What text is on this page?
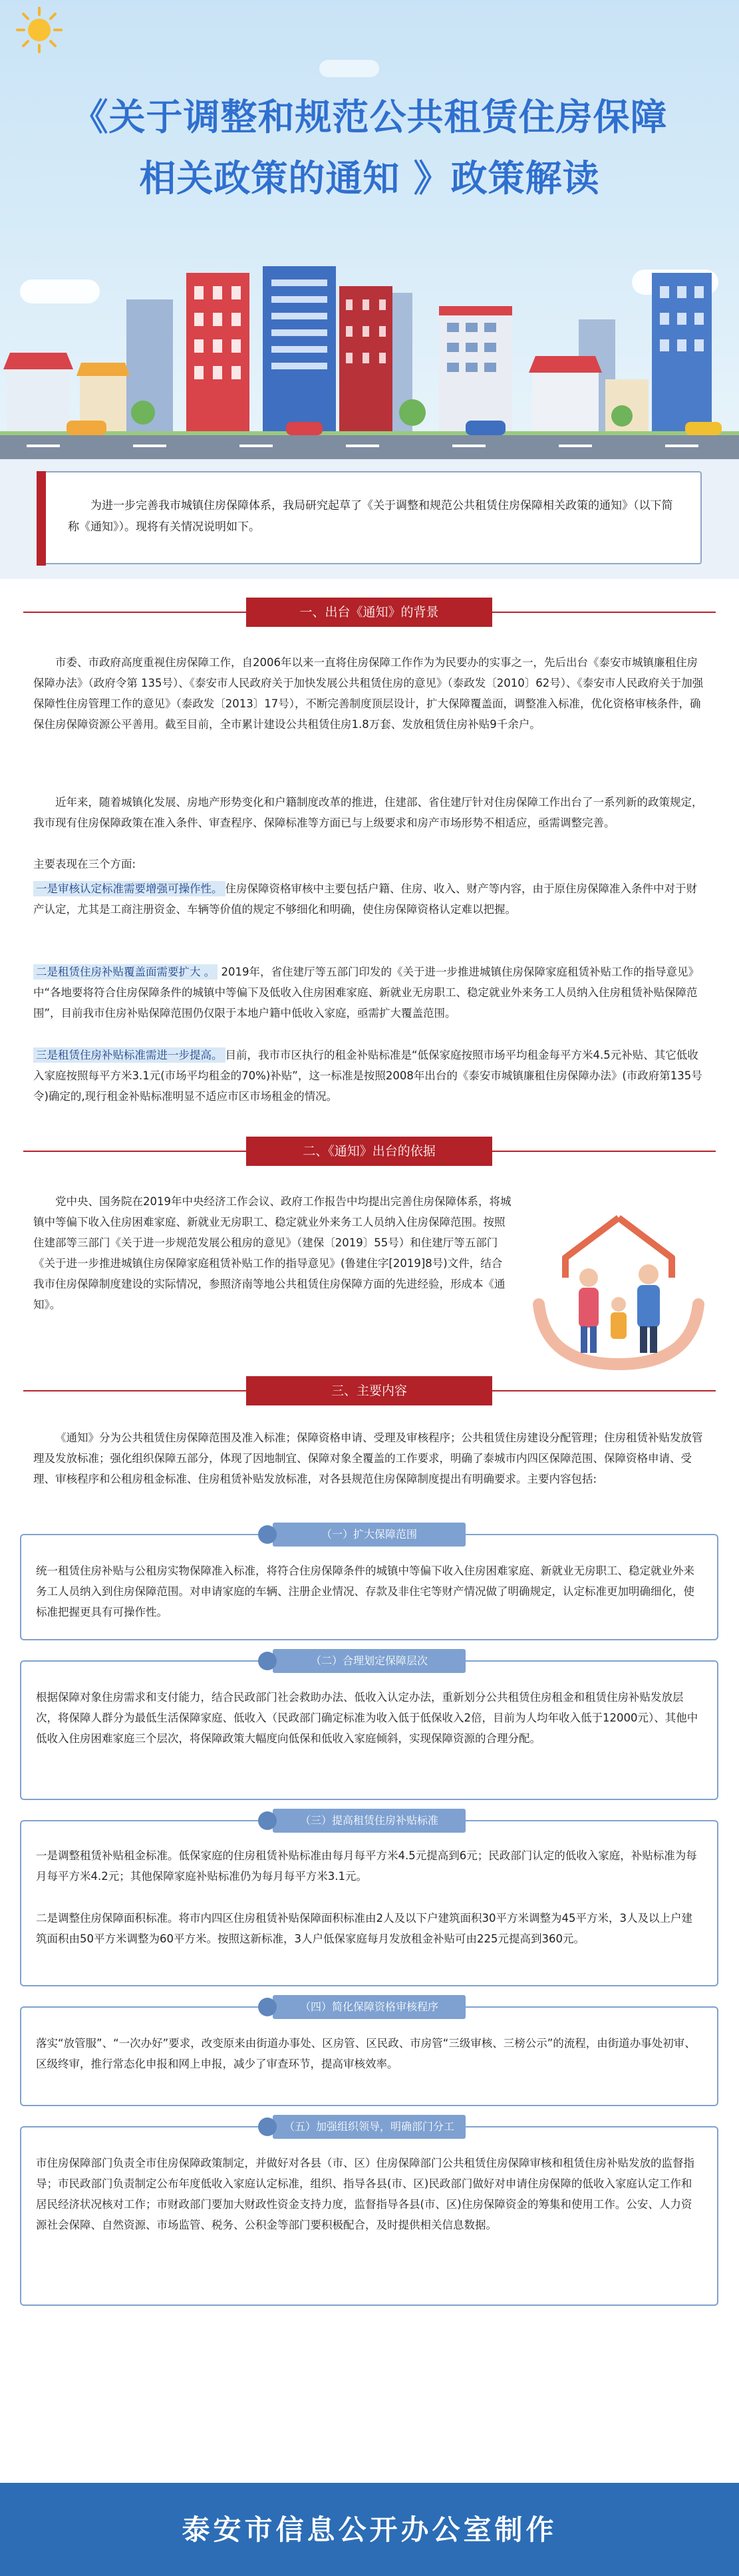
《关于调整和规范公共租赁住房保障
相关政策的通知 》政策解读

为进一步完善我市城镇住房保障体系，我局研究起草了《关于调整和规范公共租赁住房保障相关政策的通知》（以下简称《通知》）。现将有关情况说明如下。

一、出台《通知》的背景

市委、市政府高度重视住房保障工作，自2006年以来一直将住房保障工作作为为民要办的实事之一，先后出台《泰安市城镇廉租住房保障办法》（政府令第 135号）、《泰安市人民政府关于加快发展公共租赁住房的意见》（泰政发〔2010〕62号）、《泰安市人民政府关于加强保障性住房管理工作的意见》（泰政发〔2013〕17号），不断完善制度顶层设计，扩大保障覆盖面，调整准入标准，优化资格审核条件，确保住房保障资源公平善用。截至目前，全市累计建设公共租赁住房1.8万套、发放租赁住房补贴9千余户。

近年来，随着城镇化发展、房地产形势变化和户籍制度改革的推进，住建部、省住建厅针对住房保障工作出台了一系列新的政策规定，我市现有住房保障政策在准入条件、审查程序、保障标准等方面已与上级要求和房产市场形势不相适应，亟需调整完善。

主要表现在三个方面:

一是审核认定标准需要增强可操作性。 住房保障资格审核中主要包括户籍、住房、收入、财产等内容，由于原住房保障准入条件中对于财产认定，尤其是工商注册资金、车辆等价值的规定不够细化和明确，使住房保障资格认定难以把握。

二是租赁住房补贴覆盖面需要扩大 。 2019年，省住建厅等五部门印发的《关于进一步推进城镇住房保障家庭租赁补贴工作的指导意见》中“各地要将符合住房保障条件的城镇中等偏下及低收入住房困难家庭、新就业无房职工、稳定就业外来务工人员纳入住房租赁补贴保障范围”，目前我市住房补贴保障范围仍仅限于本地户籍中低收入家庭，亟需扩大覆盖范围。

三是租赁住房补贴标准需进一步提高。 目前，我市市区执行的租金补贴标准是“低保家庭按照市场平均租金每平方米4.5元补贴、其它低收入家庭按照每平方米3.1元(市场平均租金的70%)补贴”，这一标准是按照2008年出台的《泰安市城镇廉租住房保障办法》(市政府第135号令)确定的,现行租金补贴标准明显不适应市区市场租金的情况。

二、《通知》出台的依据

党中央、国务院在2019年中央经济工作会议、政府工作报告中均提出完善住房保障体系，将城镇中等偏下收入住房困难家庭、新就业无房职工、稳定就业外来务工人员纳入住房保障范围。按照住建部等三部门《关于进一步规范发展公租房的意见》（建保〔2019〕55号）和住建厅等五部门《关于进一步推进城镇住房保障家庭租赁补贴工作的指导意见》(鲁建住字[2019]8号)文件，结合我市住房保障制度建设的实际情况，参照济南等地公共租赁住房保障方面的先进经验，形成本《通知》。

三、主要内容

《通知》分为公共租赁住房保障范围及准入标准；保障资格申请、受理及审核程序；公共租赁住房建设分配管理；住房租赁补贴发放管理及发放标准；强化组织保障五部分，体现了因地制宜、保障对象全覆盖的工作要求，明确了泰城市内四区保障范围、保障资格申请、受理、审核程序和公租房租金标准、住房租赁补贴发放标准，对各县规范住房保障制度提出有明确要求。主要内容包括:

统一租赁住房补贴与公租房实物保障准入标准，将符合住房保障条件的城镇中等偏下收入住房困难家庭、新就业无房职工、稳定就业外来务工人员纳入到住房保障范围。对申请家庭的车辆、注册企业情况、存款及非住宅等财产情况做了明确规定，认定标准更加明确细化，使标准把握更具有可操作性。

（一）扩大保障范围

根据保障对象住房需求和支付能力，结合民政部门社会救助办法、低收入认定办法，重新划分公共租赁住房租金和租赁住房补贴发放层次，将保障人群分为最低生活保障家庭、低收入（民政部门确定标准为收入低于低保收入2倍，目前为人均年收入低于12000元）、其他中低收入住房困难家庭三个层次，将保障政策大幅度向低保和低收入家庭倾斜，实现保障资源的合理分配。

（二）合理划定保障层次

一是调整租赁补贴租金标准。低保家庭的住房租赁补贴标准由每月每平方米4.5元提高到6元；民政部门认定的低收入家庭，补贴标准为每月每平方米4.2元；其他保障家庭补贴标准仍为每月每平方米3.1元。

二是调整住房保障面积标准。将市内四区住房租赁补贴保障面积标准由2人及以下户建筑面积30平方米调整为45平方米，3人及以上户建筑面积由50平方米调整为60平方米。按照这新标准，3人户低保家庭每月发放租金补贴可由225元提高到360元。

（三）提高租赁住房补贴标准

落实“放管服”、“一次办好”要求，改变原来由街道办事处、区房管、区民政、市房管“三级审核、三榜公示”的流程，由街道办事处初审、区级终审，推行常态化申报和网上申报，减少了审查环节，提高审核效率。

（四）简化保障资格审核程序

市住房保障部门负责全市住房保障政策制定，并做好对各县（市、区）住房保障部门公共租赁住房保障审核和租赁住房补贴发放的监督指导；市民政部门负责制定公布年度低收入家庭认定标准，组织、指导各县(市、区)民政部门做好对申请住房保障的低收入家庭认定工作和居民经济状况核对工作；市财政部门要加大财政性资金支持力度，监督指导各县(市、区)住房保障资金的筹集和使用工作。公安、人力资源社会保障、自然资源、市场监管、税务、公积金等部门要积极配合，及时提供相关信息数据。

（五）加强组织领导，明确部门分工
泰安市信息公开办公室制作
